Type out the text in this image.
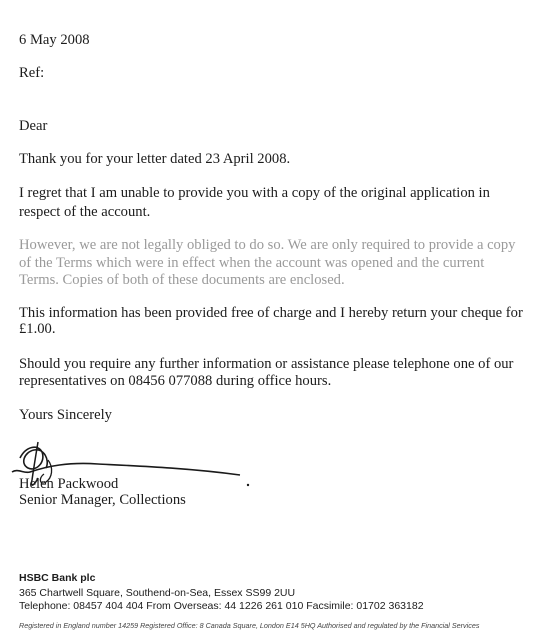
6 May 2008
Ref:
Dear
Thank you for your letter dated 23 April 2008.
I regret that I am unable to provide you with a copy of the original application in
respect of the account.
However, we are not legally obliged to do so. We are only required to provide a copy
of the Terms which were in effect when the account was opened and the current
Terms. Copies of both of these documents are enclosed.
This information has been provided free of charge and I hereby return your cheque for
£1.00.
Should you require any further information or assistance please telephone one of our
representatives on 08456 077088 during office hours.
Yours Sincerely
Helen Packwood
Senior Manager, Collections
HSBC Bank plc
365 Chartwell Square, Southend-on-Sea, Essex SS99 2UU
Telephone: 08457 404 404 From Overseas: 44 1226 261 010 Facsimile: 01702 363182
Registered in England number 14259 Registered Office: 8 Canada Square, London E14 5HQ Authorised and regulated by the Financial Services
